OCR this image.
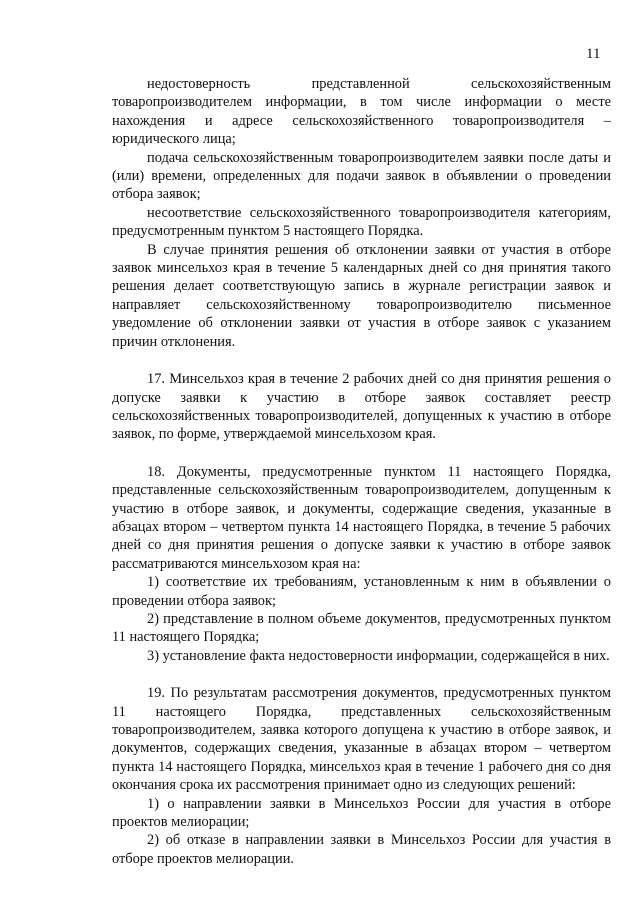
11

недостоверность представленной сельскохозяйственным товаропроизводителем информации, в том числе информации о месте нахождения и адресе сельскохозяйственного товаропроизводителя – юридического лица;

подача сельскохозяйственным товаропроизводителем заявки после даты и (или) времени, определенных для подачи заявок в объявлении о проведении отбора заявок;

несоответствие сельскохозяйственного товаропроизводителя категориям, предусмотренным пунктом 5 настоящего Порядка.

В случае принятия решения об отклонении заявки от участия в отборе заявок минсельхоз края в течение 5 календарных дней со дня принятия такого решения делает соответствующую запись в журнале регистрации заявок и направляет сельскохозяйственному товаропроизводителю письменное уведомление об отклонении заявки от участия в отборе заявок с указанием причин отклонения.

17. Минсельхоз края в течение 2 рабочих дней со дня принятия решения о допуске заявки к участию в отборе заявок составляет реестр сельскохозяйственных товаропроизводителей, допущенных к участию в отборе заявок, по форме, утверждаемой минсельхозом края.

18. Документы, предусмотренные пунктом 11 настоящего Порядка, представленные сельскохозяйственным товаропроизводителем, допущенным к участию в отборе заявок, и документы, содержащие сведения, указанные в абзацах втором – четвертом пункта 14 настоящего Порядка, в течение 5 рабочих дней со дня принятия решения о допуске заявки к участию в отборе заявок рассматриваются минсельхозом края на:

1) соответствие их требованиям, установленным к ним в объявлении о проведении отбора заявок;

2) представление в полном объеме документов, предусмотренных пунктом 11 настоящего Порядка;

3) установление факта недостоверности информации, содержащейся в них.

19. По результатам рассмотрения документов, предусмотренных пунктом 11 настоящего Порядка, представленных сельскохозяйственным товаропроизводителем, заявка которого допущена к участию в отборе заявок, и документов, содержащих сведения, указанные в абзацах втором – четвертом пункта 14 настоящего Порядка, минсельхоз края в течение 1 рабочего дня со дня окончания срока их рассмотрения принимает одно из следующих решений:

1) о направлении заявки в Минсельхоз России для участия в отборе проектов мелиорации;

2) об отказе в направлении заявки в Минсельхоз России для участия в отборе проектов мелиорации.
